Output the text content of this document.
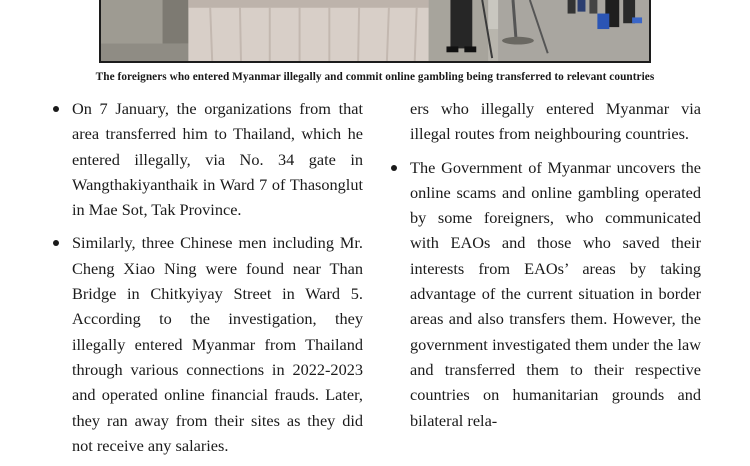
The foreigners who entered Myanmar illegally and commit online gambling being transferred to relevant countries

On 7 January, the organizations from that area transferred him to Thailand, which he entered illegally, via No. 34 gate in Wangthakiyanthaik in Ward 7 of Thasonglut in Mae Sot, Tak Province.

Similarly, three Chinese men including Mr. Cheng Xiao Ning were found near Than Bridge in Chitkyiyay Street in Ward 5. According to the investigation, they illegally entered Myanmar from Thailand through various connections in 2022-2023 and operated online financial frauds. Later, they ran away from their sites as they did not receive any salaries.

ers who illegally entered Myanmar via illegal routes from neighbouring countries.

The Government of Myanmar uncovers the online scams and online gambling operated by some foreigners, who communicated with EAOs and those who saved their interests from EAOs’ areas by taking advantage of the current situation in border areas and also transfers them. However, the government investigated them under the law and transferred them to their respective countries on humanitarian grounds and bilateral rela-
